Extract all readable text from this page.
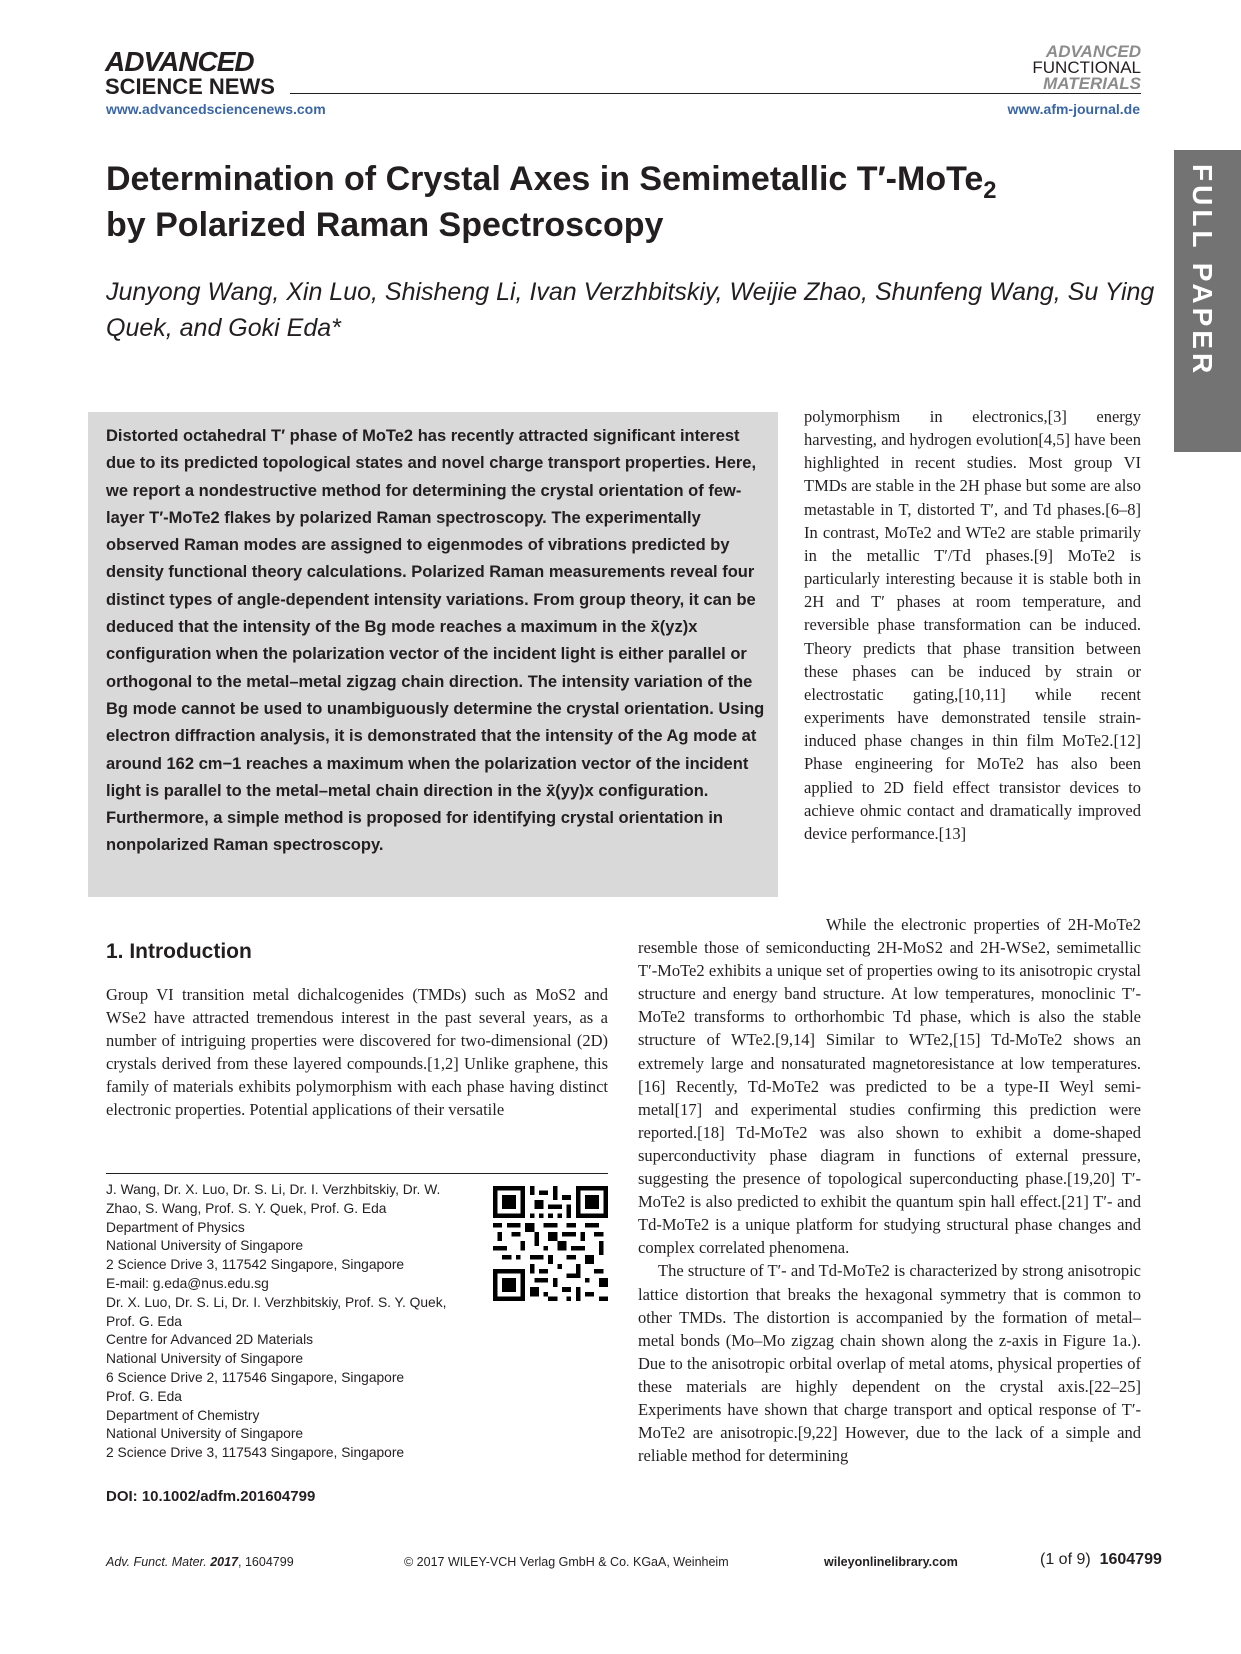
ADVANCED
SCIENCE NEWS
www.advancedsciencenews.com
ADVANCED
FUNCTIONAL
MATERIALS
www.afm-journal.de
FULL PAPER
Determination of Crystal Axes in Semimetallic T′-MoTe$_2$
by Polarized Raman Spectroscopy
Junyong Wang, Xin Luo, Shisheng Li, Ivan Verzhbitskiy, Weijie Zhao, Shunfeng Wang, Su Ying Quek, and Goki Eda*
Distorted octahedral T′ phase of MoTe2 has recently attracted significant interest due to its predicted topological states and novel charge transport properties. Here, we report a nondestructive method for determining the crystal orientation of few-layer T′-MoTe2 flakes by polarized Raman spectroscopy. The experimentally observed Raman modes are assigned to eigenmodes of vibrations predicted by density functional theory calculations. Polarized Raman measurements reveal four distinct types of angle-dependent intensity variations. From group theory, it can be deduced that the intensity of the Bg mode reaches a maximum in the x̄(yz)x configuration when the polarization vector of the incident light is either parallel or orthogonal to the metal–metal zigzag chain direction. The intensity variation of the Bg mode cannot be used to unambiguously determine the crystal orientation. Using electron diffraction analysis, it is demonstrated that the intensity of the Ag mode at around 162 cm−1 reaches a maximum when the polarization vector of the incident light is parallel to the metal–metal chain direction in the x̄(yy)x configuration. Furthermore, a simple method is proposed for identifying crystal orientation in nonpolarized Raman spectroscopy.
polymorphism in electronics,[3] energy harvesting, and hydrogen evolution[4,5] have been highlighted in recent studies. Most group VI TMDs are stable in the 2H phase but some are also metastable in T, distorted T′, and Td phases.[6–8] In contrast, MoTe2 and WTe2 are stable primarily in the metallic T′/Td phases.[9] MoTe2 is particularly interesting because it is stable both in 2H and T′ phases at room temperature, and reversible phase transformation can be induced. Theory predicts that phase transition between these phases can be induced by strain or electrostatic gating,[10,11] while recent experiments have demonstrated tensile strain-induced phase changes in thin film MoTe2.[12] Phase engineering for MoTe2 has also been applied to 2D field effect transistor devices to achieve ohmic contact and dramatically improved device performance.[13]
1. Introduction
Group VI transition metal dichalcogenides (TMDs) such as MoS2 and WSe2 have attracted tremendous interest in the past several years, as a number of intriguing properties were discovered for two-dimensional (2D) crystals derived from these layered compounds.[1,2] Unlike graphene, this family of materials exhibits polymorphism with each phase having distinct electronic properties. Potential applications of their versatile

While the electronic properties of 2H-MoTe2 resemble those of semiconducting 2H-MoS2 and 2H-WSe2, semimetallic T′-MoTe2 exhibits a unique set of properties owing to its anisotropic crystal structure and energy band structure. At low temperatures, monoclinic T′-MoTe2 transforms to orthorhombic Td phase, which is also the stable structure of WTe2.[9,14] Similar to WTe2,[15] Td-MoTe2 shows an extremely large and nonsaturated magnetoresistance at low temperatures.[16] Recently, Td-MoTe2 was predicted to be a type-II Weyl semi-metal[17] and experimental studies confirming this prediction were reported.[18] Td-MoTe2 was also shown to exhibit a dome-shaped superconductivity phase diagram in functions of external pressure, suggesting the presence of topological superconducting phase.[19,20] T′-MoTe2 is also predicted to exhibit the quantum spin hall effect.[21] T′- and Td-MoTe2 is a unique platform for studying structural phase changes and complex correlated phenomena.

The structure of T′- and Td-MoTe2 is characterized by strong anisotropic lattice distortion that breaks the hexagonal symmetry that is common to other TMDs. The distortion is accompanied by the formation of metal–metal bonds (Mo–Mo zigzag chain shown along the z-axis in Figure 1a.). Due to the anisotropic orbital overlap of metal atoms, physical properties of these materials are highly dependent on the crystal axis.[22–25] Experiments have shown that charge transport and optical response of T′-MoTe2 are anisotropic.[9,22] However, due to the lack of a simple and reliable method for determining

J. Wang, Dr. X. Luo, Dr. S. Li, Dr. I. Verzhbitskiy, Dr. W. Zhao, S. Wang, Prof. S. Y. Quek, Prof. G. Eda
Department of Physics
National University of Singapore
2 Science Drive 3, 117542 Singapore, Singapore
E-mail: g.eda@nus.edu.sg
Dr. X. Luo, Dr. S. Li, Dr. I. Verzhbitskiy, Prof. S. Y. Quek, Prof. G. Eda
Centre for Advanced 2D Materials
National University of Singapore
6 Science Drive 2, 117546 Singapore, Singapore
Prof. G. Eda
Department of Chemistry
National University of Singapore
2 Science Drive 3, 117543 Singapore, Singapore
DOI: 10.1002/adfm.201604799
Adv. Funct. Mater. 2017, 1604799	© 2017 WILEY-VCH Verlag GmbH & Co. KGaA, Weinheim	wileyonlinelibrary.com	(1 of 9) 1604799
